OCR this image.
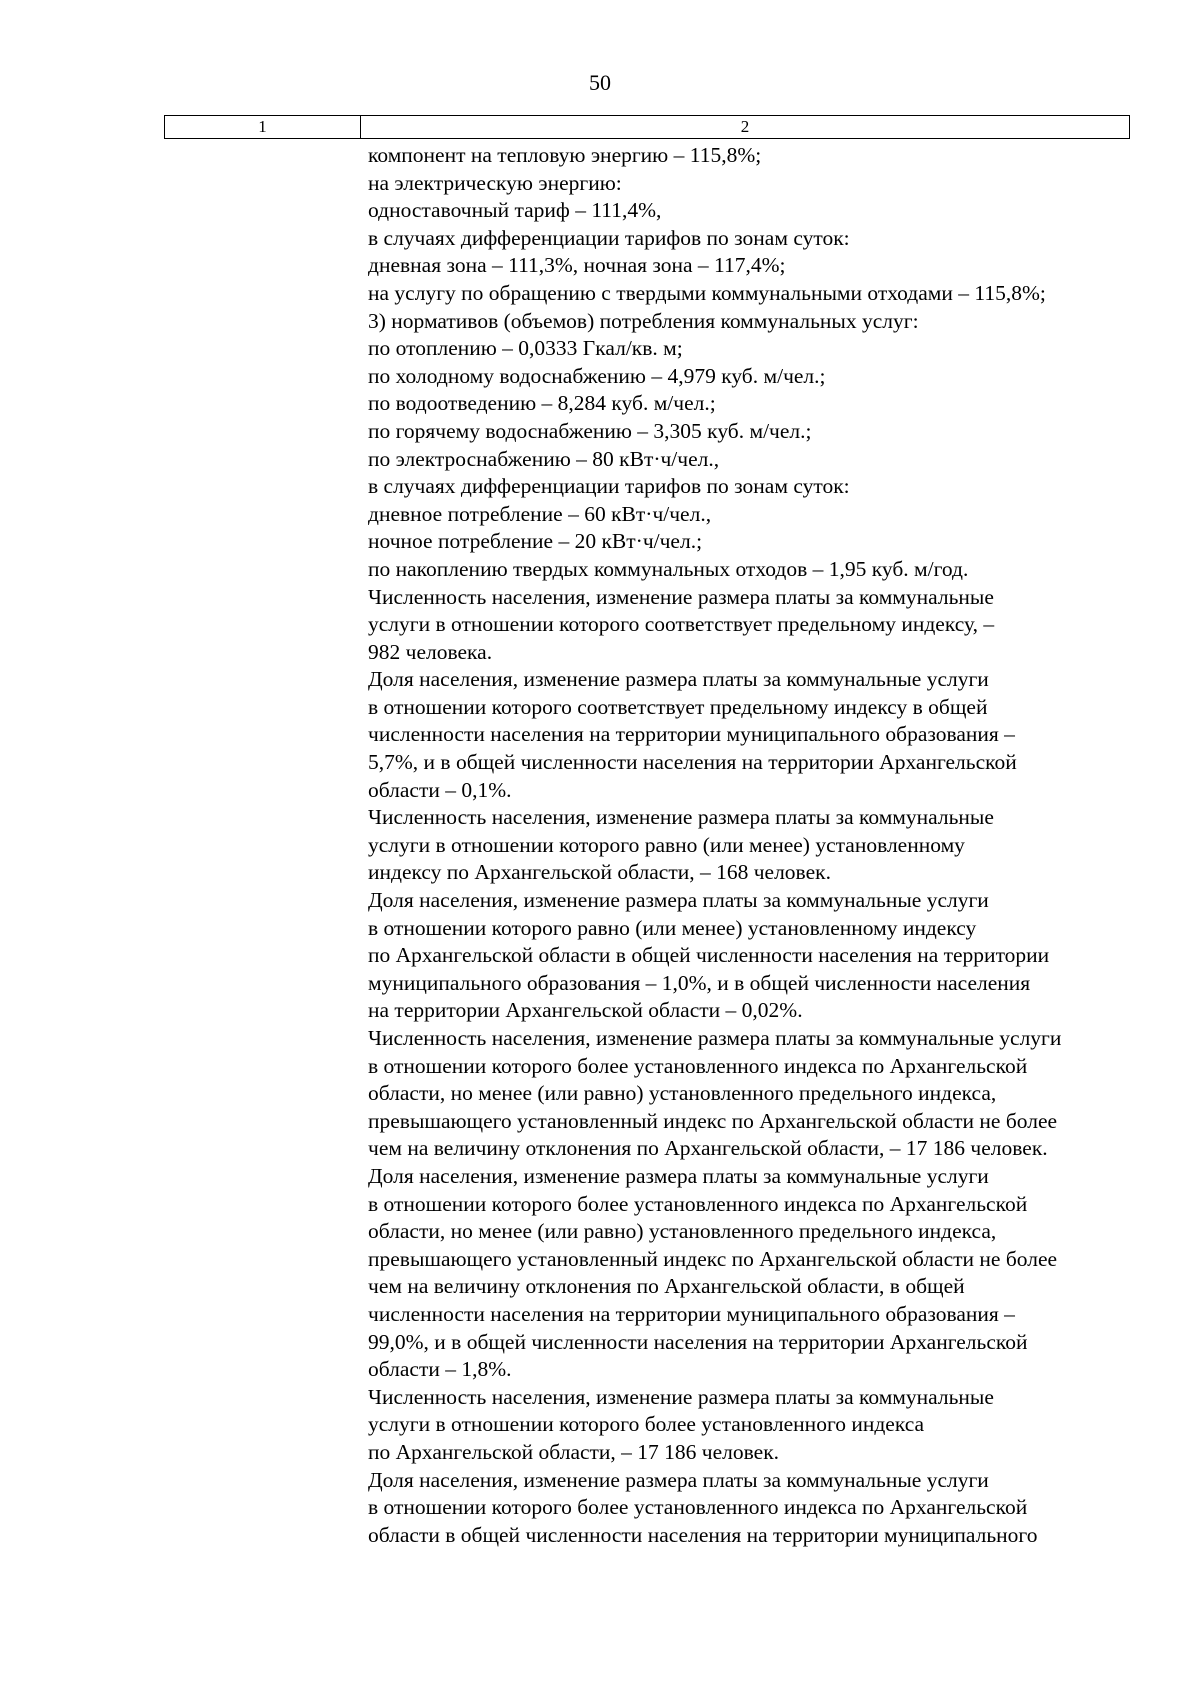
50
1	2
компонент на тепловую энергию – 115,8%;
на электрическую энергию:
одноставочный тариф – 111,4%,
в случаях дифференциации тарифов по зонам суток:
дневная зона – 111,3%, ночная зона – 117,4%;
на услугу по обращению с твердыми коммунальными отходами – 115,8%;
3) нормативов (объемов) потребления коммунальных услуг:
по отоплению – 0,0333 Гкал/кв. м;
по холодному водоснабжению – 4,979 куб. м/чел.;
по водоотведению – 8,284 куб. м/чел.;
по горячему водоснабжению – 3,305 куб. м/чел.;
по электроснабжению – 80 кВт·ч/чел.,
в случаях дифференциации тарифов по зонам суток:
дневное потребление – 60 кВт·ч/чел.,
ночное потребление – 20 кВт·ч/чел.;
по накоплению твердых коммунальных отходов – 1,95 куб. м/год.
Численность населения, изменение размера платы за коммунальные
услуги в отношении которого соответствует предельному индексу, –
982 человека.
Доля населения, изменение размера платы за коммунальные услуги
в отношении которого соответствует предельному индексу в общей
численности населения на территории муниципального образования –
5,7%, и в общей численности населения на территории Архангельской
области – 0,1%.
Численность населения, изменение размера платы за коммунальные
услуги в отношении которого равно (или менее) установленному
индексу по Архангельской области, – 168 человек.
Доля населения, изменение размера платы за коммунальные услуги
в отношении которого равно (или менее) установленному индексу
по Архангельской области в общей численности населения на территории
муниципального образования – 1,0%, и в общей численности населения
на территории Архангельской области – 0,02%.
Численность населения, изменение размера платы за коммунальные услуги
в отношении которого более установленного индекса по Архангельской
области, но менее (или равно) установленного предельного индекса,
превышающего установленный индекс по Архангельской области не более
чем на величину отклонения по Архангельской области, – 17 186 человек.
Доля населения, изменение размера платы за коммунальные услуги
в отношении которого более установленного индекса по Архангельской
области, но менее (или равно) установленного предельного индекса,
превышающего установленный индекс по Архангельской области не более
чем на величину отклонения по Архангельской области, в общей
численности населения на территории муниципального образования –
99,0%, и в общей численности населения на территории Архангельской
области – 1,8%.
Численность населения, изменение размера платы за коммунальные
услуги в отношении которого более установленного индекса
по Архангельской области, – 17 186 человек.
Доля населения, изменение размера платы за коммунальные услуги
в отношении которого более установленного индекса по Архангельской
области в общей численности населения на территории муниципального
